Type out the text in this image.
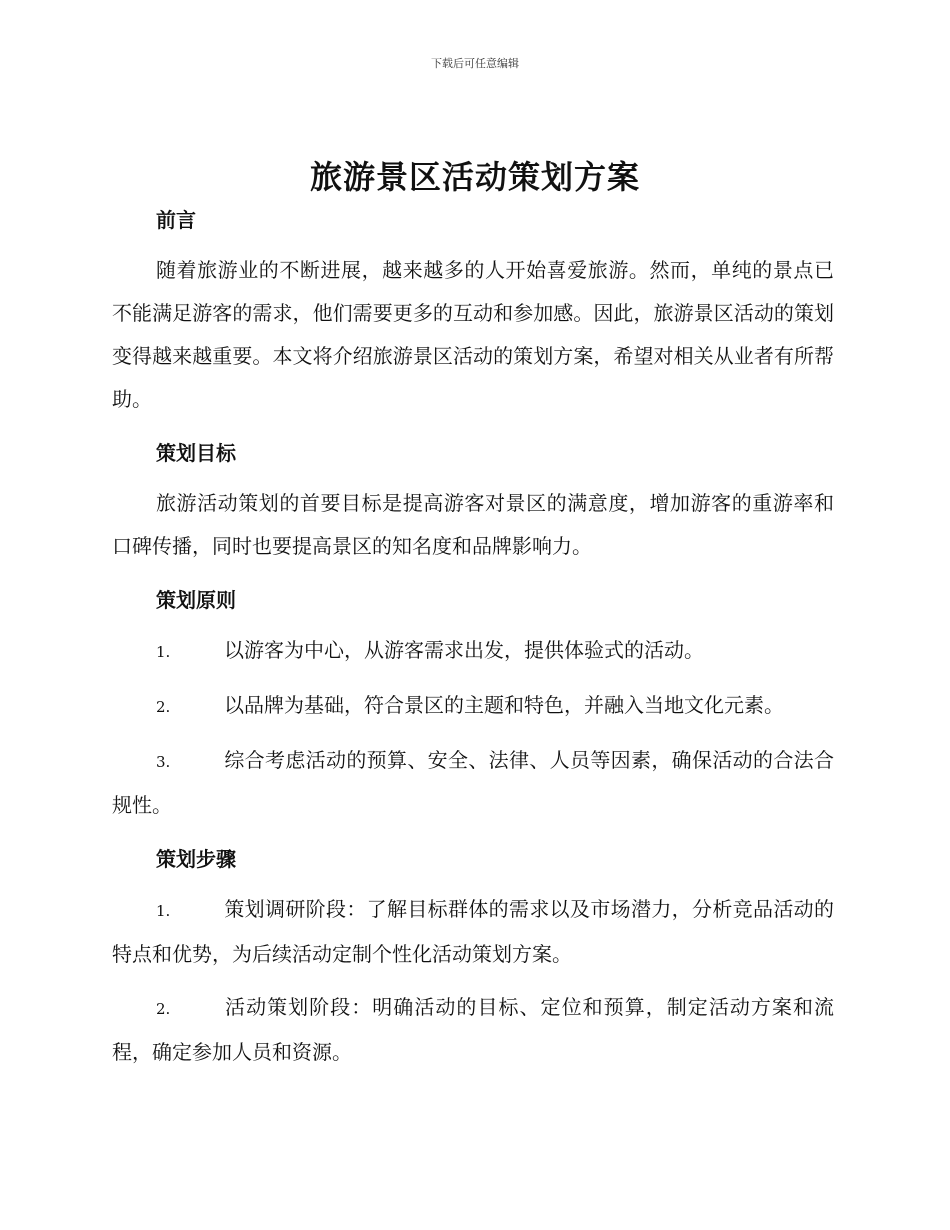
下载后可任意编辑
旅游景区活动策划方案

前言

随着旅游业的不断进展，越来越多的人开始喜爱旅游。然而，单纯的景点已不能满足游客的需求，他们需要更多的互动和参加感。因此，旅游景区活动的策划变得越来越重要。本文将介绍旅游景区活动的策划方案，希望对相关从业者有所帮助。

策划目标

旅游活动策划的首要目标是提高游客对景区的满意度，增加游客的重游率和口碑传播，同时也要提高景区的知名度和品牌影响力。

策划原则

1.	以游客为中心，从游客需求出发，提供体验式的活动。

2.	以品牌为基础，符合景区的主题和特色，并融入当地文化元素。

3.	综合考虑活动的预算、安全、法律、人员等因素，确保活动的合法合规性。

策划步骤

1.	策划调研阶段：了解目标群体的需求以及市场潜力，分析竞品活动的特点和优势，为后续活动定制个性化活动策划方案。

2.	活动策划阶段：明确活动的目标、定位和预算，制定活动方案和流程，确定参加人员和资源。
